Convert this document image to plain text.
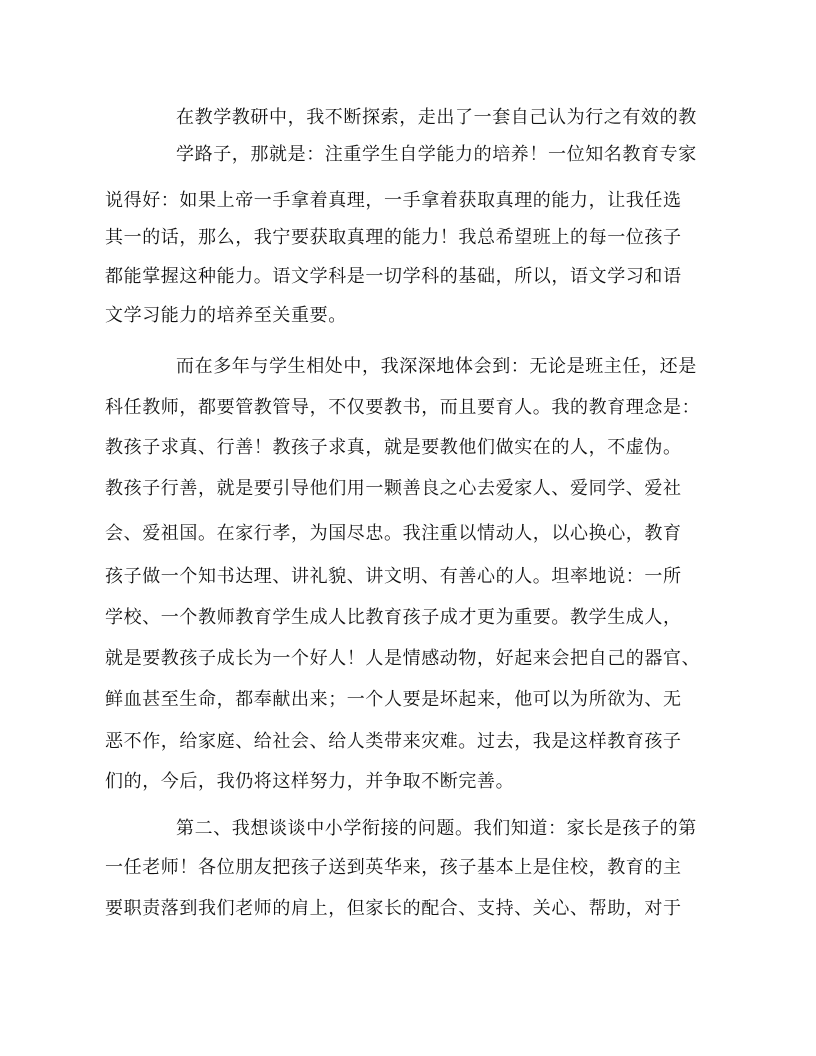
在教学教研中，我不断探索，走出了一套自己认为行之有效的教
学路子，那就是：注重学生自学能力的培养！一位知名教育专家
说得好：如果上帝一手拿着真理，一手拿着获取真理的能力，让我任选
其一的话，那么，我宁要获取真理的能力！我总希望班上的每一位孩子
都能掌握这种能力。语文学科是一切学科的基础，所以，语文学习和语
文学习能力的培养至关重要。
而在多年与学生相处中，我深深地体会到：无论是班主任，还是
科任教师，都要管教管导，不仅要教书，而且要育人。我的教育理念是：
教孩子求真、行善！教孩子求真，就是要教他们做实在的人，不虚伪。
教孩子行善，就是要引导他们用一颗善良之心去爱家人、爱同学、爱社
会、爱祖国。在家行孝，为国尽忠。我注重以情动人，以心换心，教育
孩子做一个知书达理、讲礼貌、讲文明、有善心的人。坦率地说：一所
学校、一个教师教育学生成人比教育孩子成才更为重要。教学生成人，
就是要教孩子成长为一个好人！人是情感动物，好起来会把自己的器官、
鲜血甚至生命，都奉献出来；一个人要是坏起来，他可以为所欲为、无
恶不作，给家庭、给社会、给人类带来灾难。过去，我是这样教育孩子
们的，今后，我仍将这样努力，并争取不断完善。
第二、我想谈谈中小学衔接的问题。我们知道：家长是孩子的第
一任老师！各位朋友把孩子送到英华来，孩子基本上是住校，教育的主
要职责落到我们老师的肩上，但家长的配合、支持、关心、帮助，对于
